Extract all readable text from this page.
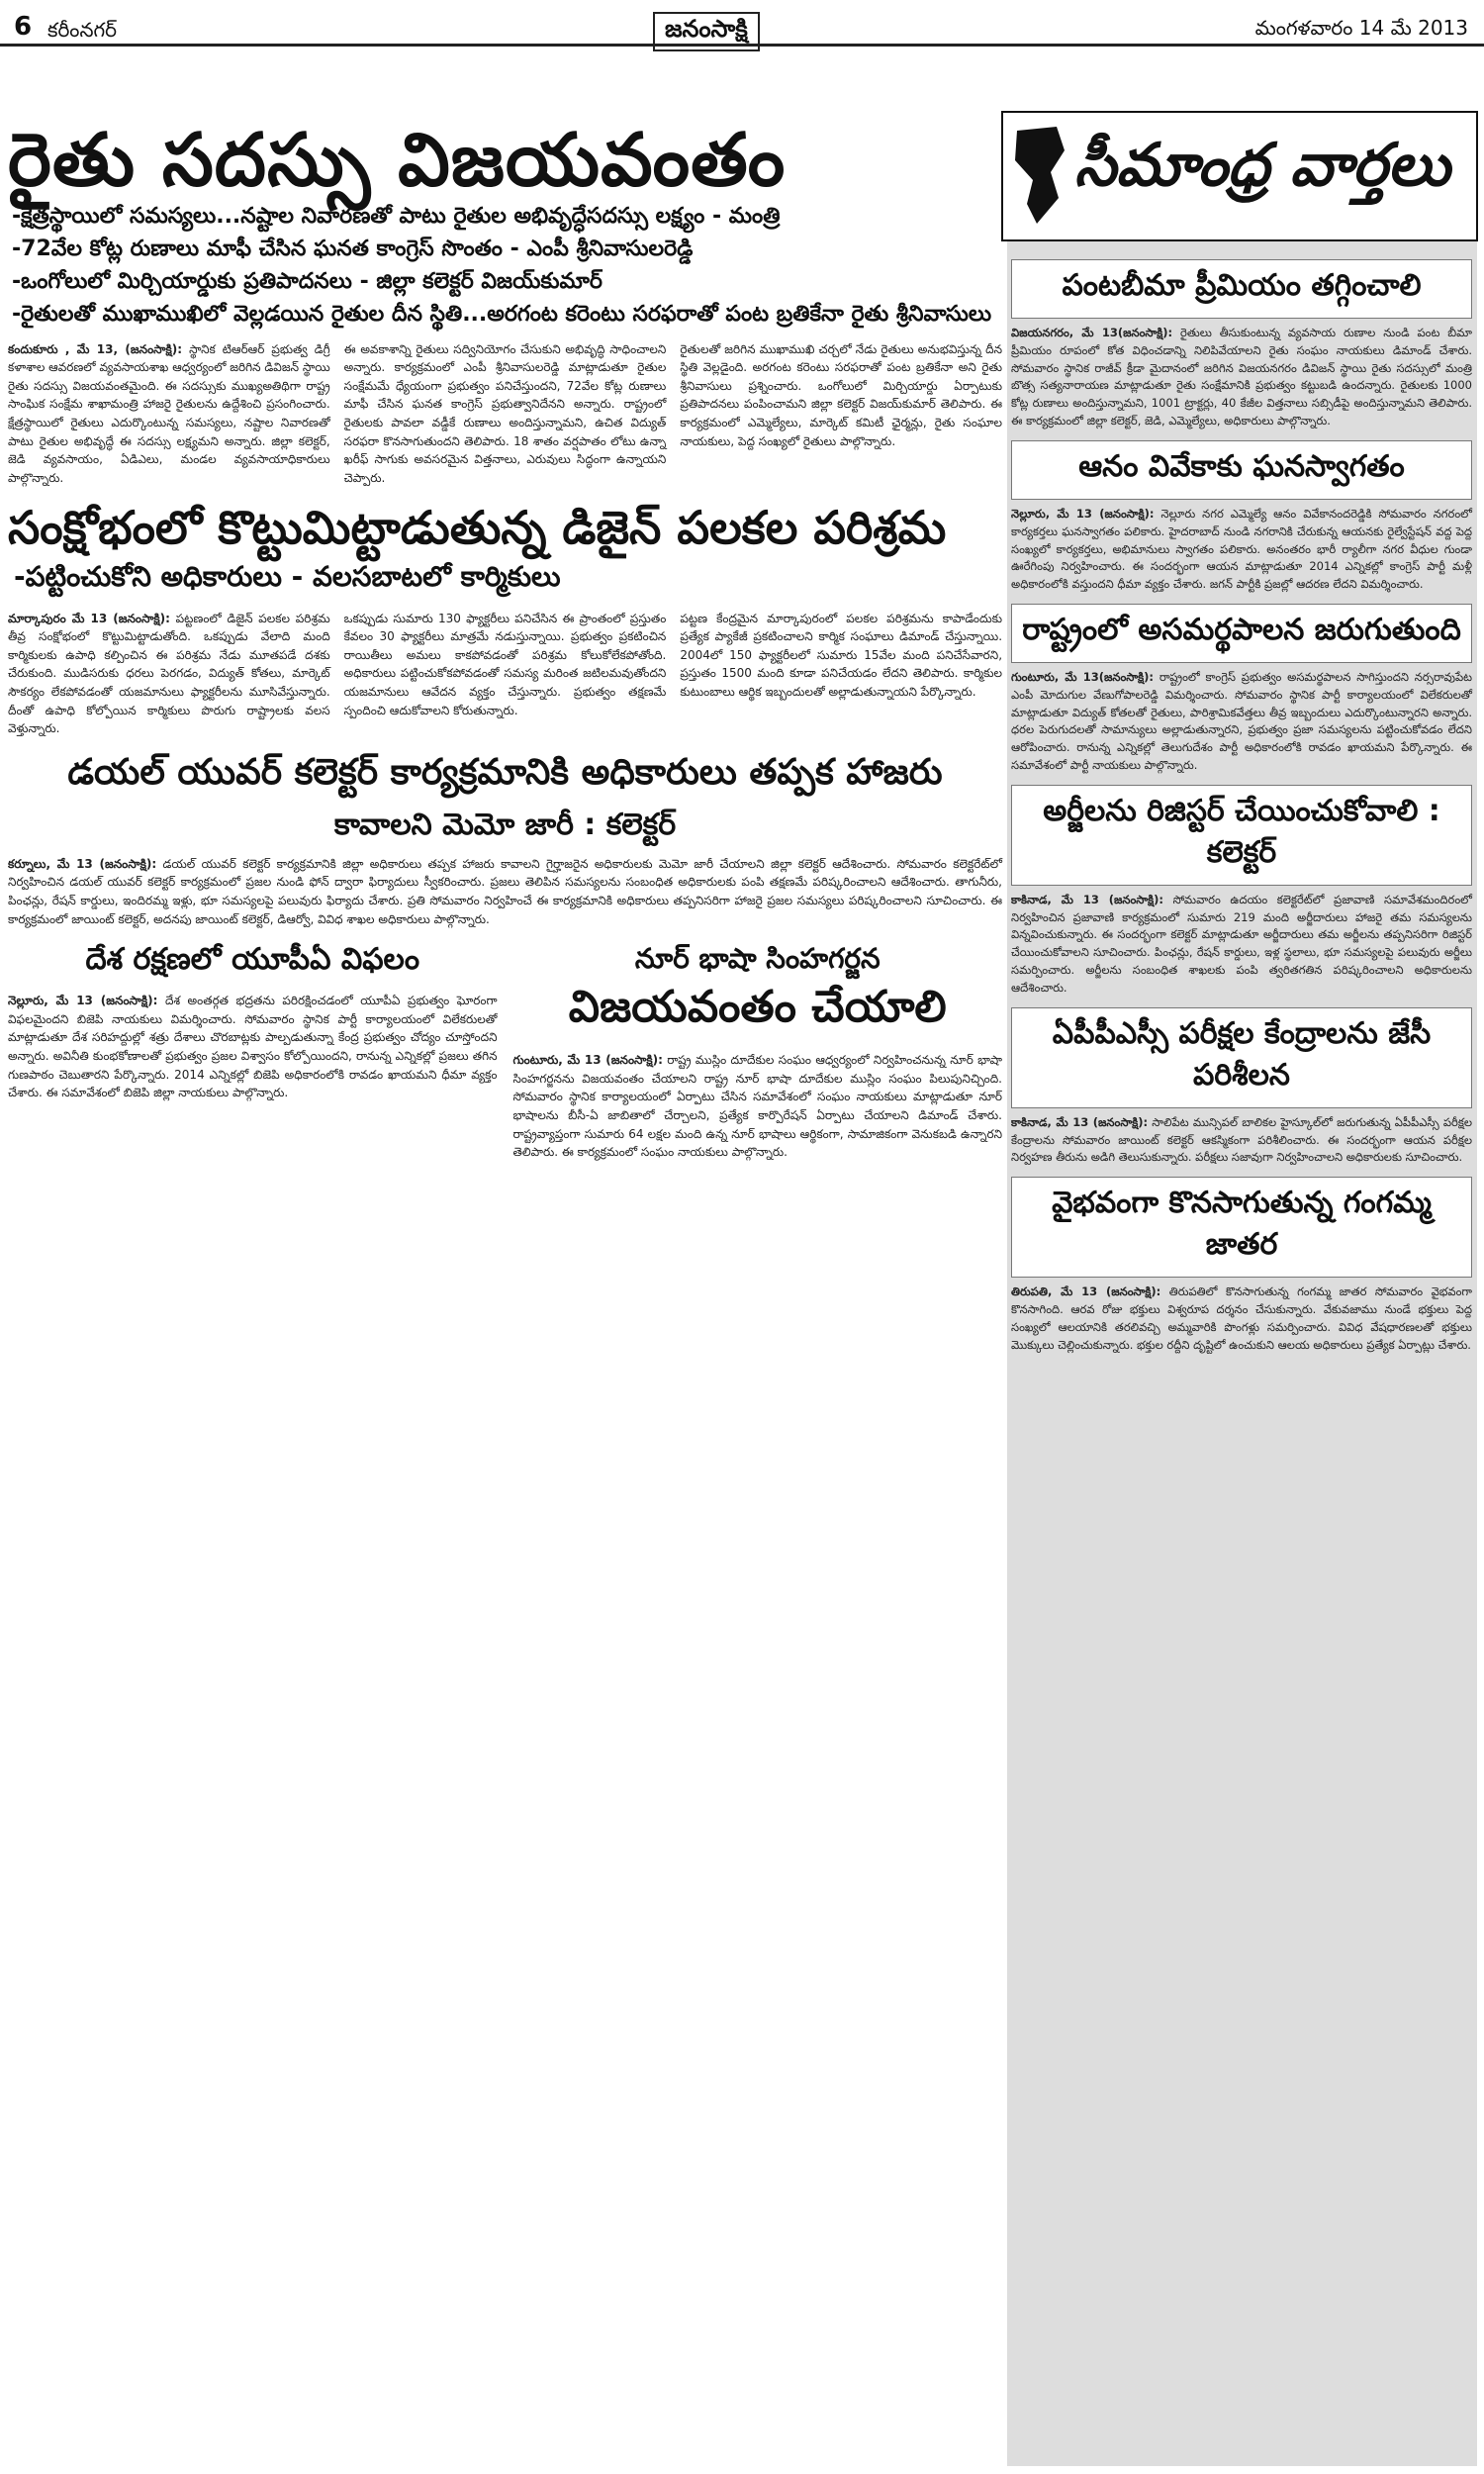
6 కరీంనగర్	జనంసాక్షి	మంగళవారం 14 మే 2013
రైతు సదస్సు విజయవంతం
-క్షేత్రస్థాయిలో సమస్యలు...నష్టాల నివారణతో పాటు రైతుల అభివృద్ధేసదస్సు లక్ష్యం - మంత్రి
-72వేల కోట్ల రుణాలు మాఫీ చేసిన ఘనత కాంగ్రెస్ సొంతం - ఎంపీ శ్రీనివాసులరెడ్డి
-ఒంగోలులో మిర్చియార్డుకు ప్రతిపాదనలు - జిల్లా కలెక్టర్ విజయ్‌కుమార్
-రైతులతో ముఖాముఖిలో వెల్లడయిన రైతుల దీన స్థితి...అరగంట కరెంటు సరఫరాతో పంట బ్రతికేనా రైతు శ్రీనివాసులు
కందుకూరు , మే 13, (జనంసాక్షి): స్థానిక టిఆర్‌ఆర్ ప్రభుత్వ డిగ్రీ కళాశాల ఆవరణలో వ్యవసాయశాఖ ఆధ్వర్యంలో జరిగిన డివిజన్ స్థాయి రైతు సదస్సు విజయవంతమైంది. ఈ సదస్సుకు ముఖ్యఅతిథిగా రాష్ట్ర సాంఘిక సంక్షేమ శాఖామంత్రి హాజరై రైతులను ఉద్దేశించి ప్రసంగించారు. క్షేత్రస్థాయిలో రైతులు ఎదుర్కొంటున్న సమస్యలు, నష్టాల నివారణతో పాటు రైతుల అభివృద్ధే ఈ సదస్సు లక్ష్యమని అన్నారు. జిల్లా కలెక్టర్, జెడి వ్యవసాయం, ఏడిఎలు, మండల వ్యవసాయాధికారులు పాల్గొన్నారు.
ఈ అవకాశాన్ని రైతులు సద్వినియోగం చేసుకుని అభివృద్ధి సాధించాలని అన్నారు. కార్యక్రమంలో ఎంపీ శ్రీనివాసులరెడ్డి మాట్లాడుతూ రైతుల సంక్షేమమే ధ్యేయంగా ప్రభుత్వం పనిచేస్తుందని, 72వేల కోట్ల రుణాలు మాఫీ చేసిన ఘనత కాంగ్రెస్ ప్రభుత్వానిదేనని అన్నారు. రాష్ట్రంలో రైతులకు పావలా వడ్డీకే రుణాలు అందిస్తున్నామని, ఉచిత విద్యుత్ సరఫరా కొనసాగుతుందని తెలిపారు. 18 శాతం వర్షపాతం లోటు ఉన్నా ఖరీఫ్ సాగుకు అవసరమైన విత్తనాలు, ఎరువులు సిద్ధంగా ఉన్నాయని చెప్పారు.
రైతులతో జరిగిన ముఖాముఖి చర్చలో నేడు రైతులు అనుభవిస్తున్న దీన స్థితి వెల్లడైంది. అరగంట కరెంటు సరఫరాతో పంట బ్రతికేనా అని రైతు శ్రీనివాసులు ప్రశ్నించారు. ఒంగోలులో మిర్చియార్డు ఏర్పాటుకు ప్రతిపాదనలు పంపించామని జిల్లా కలెక్టర్ విజయ్‌కుమార్ తెలిపారు. ఈ కార్యక్రమంలో ఎమ్మెల్యేలు, మార్కెట్ కమిటీ ఛైర్మన్లు, రైతు సంఘాల నాయకులు, పెద్ద సంఖ్యలో రైతులు పాల్గొన్నారు.
సంక్షోభంలో కొట్టుమిట్టాడుతున్న డిజైన్ పలకల పరిశ్రమ
-పట్టించుకోని అధికారులు - వలసబాటలో కార్మికులు
మార్కాపురం మే 13 (జనంసాక్షి): పట్టణంలో డిజైన్ పలకల పరిశ్రమ తీవ్ర సంక్షోభంలో కొట్టుమిట్టాడుతోంది. ఒకప్పుడు వేలాది మంది కార్మికులకు ఉపాధి కల్పించిన ఈ పరిశ్రమ నేడు మూతపడే దశకు చేరుకుంది. ముడిసరుకు ధరలు పెరగడం, విద్యుత్ కోతలు, మార్కెట్ సౌకర్యం లేకపోవడంతో యజమానులు ఫ్యాక్టరీలను మూసివేస్తున్నారు. దీంతో ఉపాధి కోల్పోయిన కార్మికులు పొరుగు రాష్ట్రాలకు వలస వెళ్తున్నారు.
ఒకప్పుడు సుమారు 130 ఫ్యాక్టరీలు పనిచేసిన ఈ ప్రాంతంలో ప్రస్తుతం కేవలం 30 ఫ్యాక్టరీలు మాత్రమే నడుస్తున్నాయి. ప్రభుత్వం ప్రకటించిన రాయితీలు అమలు కాకపోవడంతో పరిశ్రమ కోలుకోలేకపోతోంది. అధికారులు పట్టించుకోకపోవడంతో సమస్య మరింత జటిలమవుతోందని యజమానులు ఆవేదన వ్యక్తం చేస్తున్నారు. ప్రభుత్వం తక్షణమే స్పందించి ఆదుకోవాలని కోరుతున్నారు.
పట్టణ కేంద్రమైన మార్కాపురంలో పలకల పరిశ్రమను కాపాడేందుకు ప్రత్యేక ప్యాకేజీ ప్రకటించాలని కార్మిక సంఘాలు డిమాండ్ చేస్తున్నాయి. 2004లో 150 ఫ్యాక్టరీలలో సుమారు 15వేల మంది పనిచేసేవారని, ప్రస్తుతం 1500 మంది కూడా పనిచేయడం లేదని తెలిపారు. కార్మికుల కుటుంబాలు ఆర్థిక ఇబ్బందులతో అల్లాడుతున్నాయని పేర్కొన్నారు.
డయల్ యువర్ కలెక్టర్ కార్యక్రమానికి అధికారులు తప్పక హాజరు
కావాలని మెమో జారీ : కలెక్టర్
కర్నూలు, మే 13 (జనంసాక్షి): డయల్ యువర్ కలెక్టర్ కార్యక్రమానికి జిల్లా అధికారులు తప్పక హాజరు కావాలని గైర్హాజరైన అధికారులకు మెమో జారీ చేయాలని జిల్లా కలెక్టర్ ఆదేశించారు. సోమవారం కలెక్టరేట్‌లో నిర్వహించిన డయల్ యువర్ కలెక్టర్ కార్యక్రమంలో ప్రజల నుండి ఫోన్ ద్వారా ఫిర్యాదులు స్వీకరించారు. ప్రజలు తెలిపిన సమస్యలను సంబంధిత అధికారులకు పంపి తక్షణమే పరిష్కరించాలని ఆదేశించారు. తాగునీరు, పింఛన్లు, రేషన్ కార్డులు, ఇందిరమ్మ ఇళ్లు, భూ సమస్యలపై పలువురు ఫిర్యాదు చేశారు. ప్రతి సోమవారం నిర్వహించే ఈ కార్యక్రమానికి అధికారులు తప్పనిసరిగా హాజరై ప్రజల సమస్యలు పరిష్కరించాలని సూచించారు. ఈ కార్యక్రమంలో జాయింట్ కలెక్టర్, అదనపు జాయింట్ కలెక్టర్, డిఆర్వో, వివిధ శాఖల అధికారులు పాల్గొన్నారు.
దేశ రక్షణలో యూపీఏ విఫలం
నెల్లూరు, మే 13 (జనంసాక్షి): దేశ అంతర్గత భద్రతను పరిరక్షించడంలో యూపీఏ ప్రభుత్వం ఘోరంగా విఫలమైందని బిజెపి నాయకులు విమర్శించారు. సోమవారం స్థానిక పార్టీ కార్యాలయంలో విలేకరులతో మాట్లాడుతూ దేశ సరిహద్దుల్లో శత్రు దేశాలు చొరబాట్లకు పాల్పడుతున్నా కేంద్ర ప్రభుత్వం చోద్యం చూస్తోందని అన్నారు. అవినీతి కుంభకోణాలతో ప్రభుత్వం ప్రజల విశ్వాసం కోల్పోయిందని, రానున్న ఎన్నికల్లో ప్రజలు తగిన గుణపాఠం చెబుతారని పేర్కొన్నారు. 2014 ఎన్నికల్లో బిజెపి అధికారంలోకి రావడం ఖాయమని ధీమా వ్యక్తం చేశారు. ఈ సమావేశంలో బిజెపి జిల్లా నాయకులు పాల్గొన్నారు.
నూర్ భాషా సింహగర్జన
విజయవంతం చేయాలి
గుంటూరు, మే 13 (జనంసాక్షి): రాష్ట్ర ముస్లిం దూదేకుల సంఘం ఆధ్వర్యంలో నిర్వహించనున్న నూర్ భాషా సింహగర్జనను విజయవంతం చేయాలని రాష్ట్ర నూర్ భాషా దూదేకుల ముస్లిం సంఘం పిలుపునిచ్చింది. సోమవారం స్థానిక కార్యాలయంలో ఏర్పాటు చేసిన సమావేశంలో సంఘం నాయకులు మాట్లాడుతూ నూర్ భాషాలను బీసీ-ఏ జాబితాలో చేర్చాలని, ప్రత్యేక కార్పొరేషన్ ఏర్పాటు చేయాలని డిమాండ్ చేశారు. రాష్ట్రవ్యాప్తంగా సుమారు 64 లక్షల మంది ఉన్న నూర్ భాషాలు ఆర్థికంగా, సామాజికంగా వెనుకబడి ఉన్నారని తెలిపారు. ఈ కార్యక్రమంలో సంఘం నాయకులు పాల్గొన్నారు.
సీమాంధ్ర వార్తలు
పంటబీమా ప్రీమియం తగ్గించాలి
విజయనగరం, మే 13(జనంసాక్షి): రైతులు తీసుకుంటున్న వ్యవసాయ రుణాల నుండి పంట బీమా ప్రీమియం రూపంలో కోత విధించడాన్ని నిలిపివేయాలని రైతు సంఘం నాయకులు డిమాండ్ చేశారు. సోమవారం స్థానిక రాజీవ్ క్రీడా మైదానంలో జరిగిన విజయనగరం డివిజన్ స్థాయి రైతు సదస్సులో మంత్రి బొత్స సత్యనారాయణ మాట్లాడుతూ రైతు సంక్షేమానికి ప్రభుత్వం కట్టుబడి ఉందన్నారు. రైతులకు 1000 కోట్ల రుణాలు అందిస్తున్నామని, 1001 ట్రాక్టర్లు, 40 కేజీల విత్తనాలు సబ్సిడీపై అందిస్తున్నామని తెలిపారు. ఈ కార్యక్రమంలో జిల్లా కలెక్టర్, జెడి, ఎమ్మెల్యేలు, అధికారులు పాల్గొన్నారు.
ఆనం వివేకాకు ఘనస్వాగతం
నెల్లూరు, మే 13 (జనంసాక్షి): నెల్లూరు నగర ఎమ్మెల్యే ఆనం వివేకానందరెడ్డికి సోమవారం నగరంలో కార్యకర్తలు ఘనస్వాగతం పలికారు. హైదరాబాద్ నుండి నగరానికి చేరుకున్న ఆయనకు రైల్వేస్టేషన్ వద్ద పెద్ద సంఖ్యలో కార్యకర్తలు, అభిమానులు స్వాగతం పలికారు. అనంతరం భారీ ర్యాలీగా నగర వీధుల గుండా ఊరేగింపు నిర్వహించారు. ఈ సందర్భంగా ఆయన మాట్లాడుతూ 2014 ఎన్నికల్లో కాంగ్రెస్ పార్టీ మళ్లీ అధికారంలోకి వస్తుందని ధీమా వ్యక్తం చేశారు. జగన్ పార్టీకి ప్రజల్లో ఆదరణ లేదని విమర్శించారు.
రాష్ట్రంలో అసమర్థపాలన జరుగుతుంది
గుంటూరు, మే 13(జనంసాక్షి): రాష్ట్రంలో కాంగ్రెస్ ప్రభుత్వం అసమర్థపాలన సాగిస్తుందని నర్సరావుపేట ఎంపీ మోదుగుల వేణుగోపాలరెడ్డి విమర్శించారు. సోమవారం స్థానిక పార్టీ కార్యాలయంలో విలేకరులతో మాట్లాడుతూ విద్యుత్ కోతలతో రైతులు, పారిశ్రామికవేత్తలు తీవ్ర ఇబ్బందులు ఎదుర్కొంటున్నారని అన్నారు. ధరల పెరుగుదలతో సామాన్యులు అల్లాడుతున్నారని, ప్రభుత్వం ప్రజా సమస్యలను పట్టించుకోవడం లేదని ఆరోపించారు. రానున్న ఎన్నికల్లో తెలుగుదేశం పార్టీ అధికారంలోకి రావడం ఖాయమని పేర్కొన్నారు. ఈ సమావేశంలో పార్టీ నాయకులు పాల్గొన్నారు.
అర్జీలను రిజిస్టర్ చేయించుకోవాలి : కలెక్టర్
కాకినాడ, మే 13 (జనంసాక్షి): సోమవారం ఉదయం కలెక్టరేట్‌లో ప్రజావాణి సమావేశమందిరంలో నిర్వహించిన ప్రజావాణి కార్యక్రమంలో సుమారు 219 మంది అర్జీదారులు హాజరై తమ సమస్యలను విన్నవించుకున్నారు. ఈ సందర్భంగా కలెక్టర్ మాట్లాడుతూ అర్జీదారులు తమ అర్జీలను తప్పనిసరిగా రిజిస్టర్ చేయించుకోవాలని సూచించారు. పింఛన్లు, రేషన్ కార్డులు, ఇళ్ల స్థలాలు, భూ సమస్యలపై పలువురు అర్జీలు సమర్పించారు. అర్జీలను సంబంధిత శాఖలకు పంపి త్వరితగతిన పరిష్కరించాలని అధికారులను ఆదేశించారు.
ఏపీపీఎస్సీ పరీక్షల కేంద్రాలను జేసీ పరిశీలన
కాకినాడ, మే 13 (జనంసాక్షి): సాలిపేట మున్సిపల్ బాలికల హైస్కూల్‌లో జరుగుతున్న ఏపీపీఎస్సీ పరీక్షల కేంద్రాలను సోమవారం జాయింట్ కలెక్టర్ ఆకస్మికంగా పరిశీలించారు. ఈ సందర్భంగా ఆయన పరీక్షల నిర్వహణ తీరును అడిగి తెలుసుకున్నారు. పరీక్షలు సజావుగా నిర్వహించాలని అధికారులకు సూచించారు.
వైభవంగా కొనసాగుతున్న గంగమ్మ జాతర
తిరుపతి, మే 13 (జనంసాక్షి): తిరుపతిలో కొనసాగుతున్న గంగమ్మ జాతర సోమవారం వైభవంగా కొనసాగింది. ఆరవ రోజు భక్తులు విశ్వరూప దర్శనం చేసుకున్నారు. వేకువజాము నుండే భక్తులు పెద్ద సంఖ్యలో ఆలయానికి తరలివచ్చి అమ్మవారికి పొంగళ్లు సమర్పించారు. వివిధ వేషధారణలతో భక్తులు మొక్కులు చెల్లించుకున్నారు. భక్తుల రద్దీని దృష్టిలో ఉంచుకుని ఆలయ అధికారులు ప్రత్యేక ఏర్పాట్లు చేశారు.
